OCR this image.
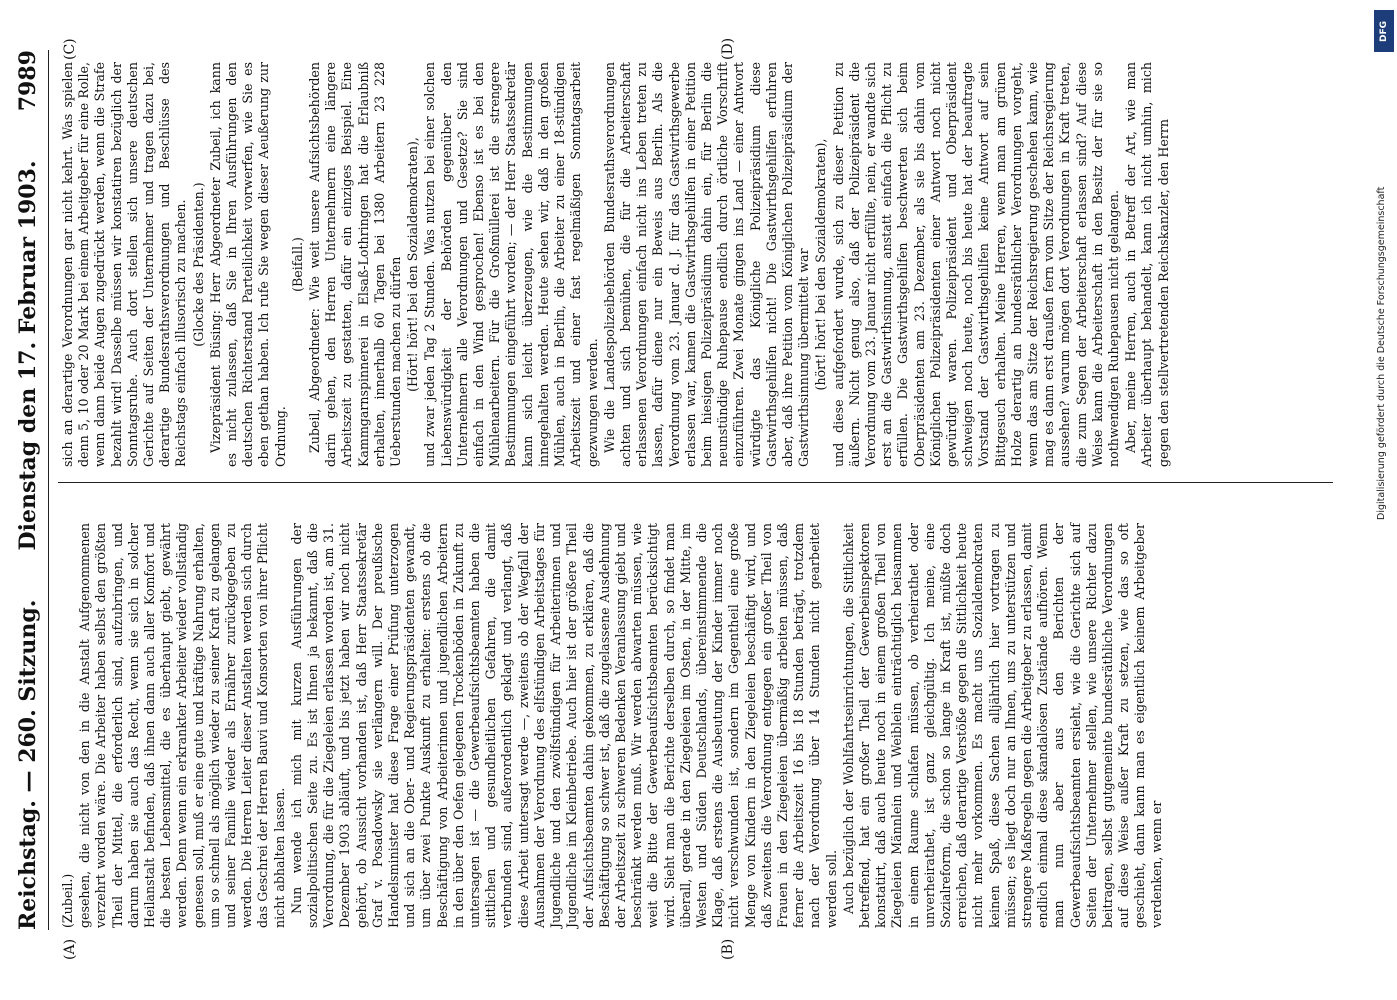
Reichstag. — 260. Sitzung.
Dienstag den 17. Februar 1903.
7989
(A)	(B)
(C)	(D)

(Zubeil.) gesehen, die nicht von den in die Anstalt Aufgenommenen verzehrt worden wäre. Die Arbeiter haben selbst den größten Theil der Mittel, die erforderlich sind, aufzubringen, und darum haben sie auch das Recht, wenn sie sich in solcher Heilanstalt befinden, daß ihnen dann auch aller Komfort und die besten Lebensmittel, die es überhaupt giebt, gewährt werden. Denn wenn ein erkrankter Arbeiter wieder vollständig genesen soll, muß er eine gute und kräftige Nahrung erhalten, um so schnell als möglich wieder zu seiner Kraft zu gelangen und seiner Familie wieder als Ernährer zurückgegeben zu werden. Die Herren Leiter dieser Anstalten werden sich durch das Geschrei der Herren Bauvi und Konsorten von ihrer Pflicht nicht abhalten lassen. Nun wende ich mich mit kurzen Ausführungen der sozialpolitischen Seite zu. Es ist Ihnen ja bekannt, daß die Verordnung, die für die Ziegeleien erlassen worden ist, am 31. Dezember 1903 abläuft, und bis jetzt haben wir noch nicht gehört, ob Aussicht vorhanden ist, daß Herr Staatssekretär Graf v. Posadowsky sie verlängern will. Der preußische Handelsminister hat diese Frage einer Prüfung unterzogen und sich an die Ober- und Regierungspräsidenten gewandt, um über zwei Punkte Auskunft zu erhalten: erstens ob die Beschäftigung von Arbeiterinnen und jugendlichen Arbeitern in den über den Oefen gelegenen Trockenböden in Zukunft zu untersagen ist — die Gewerbeaufsichtsbeamten haben die sittlichen und gesundheitlichen Gefahren, die damit verbunden sind, außerordentlich geklagt und verlangt, daß diese Arbeit untersagt werde —, zweitens ob der Wegfall der Ausnahmen der Verordnung des elfstündigen Arbeitstages für Jugendliche und den zwölfstündigen für Arbeiterinnen und Jugendliche im Kleinbetriebe. Auch hier ist der größere Theil der Aufsichtsbeamten dahin gekommen, zu erklären, daß die Beschäftigung so schwer ist, daß die zugelassene Ausdehnung der Arbeitszeit zu schweren Bedenken Veranlassung giebt und beschränkt werden muß. Wir werden abwarten müssen, wie weit die Bitte der Gewerbeaufsichtsbeamten berücksichtigt wird. Sieht man die Berichte derselben durch, so findet man überall, gerade in den Ziegeleien im Osten, in der Mitte, im Westen und Süden Deutschlands, übereinstimmende die Klage, daß erstens die Ausbeutung der Kinder immer noch nicht verschwunden ist, sondern im Gegentheil eine große Menge von Kindern in den Ziegeleien beschäftigt wird, und daß zweitens die Verordnung entgegen ein großer Theil von Frauen in den Ziegeleien übermäßig arbeiten müssen, daß ferner die Arbeitszeit 16 bis 18 Stunden beträgt, trotzdem nach der Verordnung über 14 Stunden nicht gearbeitet werden soll. Auch bezüglich der Wohlfahrtseinrichtungen, die Sittlichkeit betreffend, hat ein großer Theil der Gewerbeinspektoren konstatirt, daß auch heute noch in einem großen Theil von Ziegeleien Männlein und Weiblein einträchtiglich beisammen in einem Raume schlafen müssen, ob verheirathet oder unverheirathet, ist ganz gleichgültig. Ich meine, eine Sozialreform, die schon so lange in Kraft ist, müßte doch erreichen, daß derartige Verstöße gegen die Sittlichkeit heute nicht mehr vorkommen. Es macht uns Sozialdemokraten keinen Spaß, diese Sachen alljährlich hier vortragen zu müssen; es liegt doch nur an Ihnen, uns zu unterstützen und strengere Maßregeln gegen die Arbeitgeber zu erlassen, damit endlich einmal diese skandalösen Zustände aufhören. Wenn man nun aber aus den Berichten der Gewerbeaufsichtsbeamten ersieht, wie die Gerichte sich auf Seiten der Unternehmer stellen, wie unsere Richter dazu beitragen, selbst gutgemeinte bundesräthliche Verordnungen auf diese Weise außer Kraft zu setzen, wie das so oft geschieht, dann kann man es eigentlich keinem Arbeitgeber verdenken, wenn er

sich an derartige Verordnungen gar nicht kehrt. Was spielen denn 5, 10 oder 20 Mark bei einem Arbeitgeber für eine Rolle, wenn dann beide Augen zugedrückt werden, wenn die Strafe bezahlt wird! Dasselbe müssen wir konstatiren bezüglich der Sonntagsruhe. Auch dort stellen sich unsere deutschen Gerichte auf Seiten der Unternehmer und tragen dazu bei, derartige Bundesrathsverordnungen und Beschlüsse des Reichstags einfach illusorisch zu machen. (Glocke des Präsidenten.) Vizepräsident Büsing: Herr Abgeordneter Zubeil, ich kann es nicht zulassen, daß Sie in Ihren Ausführungen den deutschen Richterstand Parteilichkeit vorwerfen, wie Sie es eben gethan haben. Ich rufe Sie wegen dieser Aeußerung zur Ordnung.

(Beifall.) Zubeil, Abgeordneter: Wie weit unsere Aufsichtsbehörden darin gehen, den Herren Unternehmern eine längere Arbeitszeit zu gestatten, dafür ein einziges Beispiel. Eine Kammgarnspinnerei in Elsaß-Lothringen hat die Erlaubniß erhalten, innerhalb 60 Tagen bei 1380 Arbeitern 23 228 Ueberstunden machen zu dürfen (Hört! hört! bei den Sozialdemokraten), und zwar jeden Tag 2 Stunden. Was nutzen bei einer solchen Liebenswürdigkeit der Behörden gegenüber den Unternehmern alle Verordnungen und Gesetze? Sie sind einfach in den Wind gesprochen! Ebenso ist es bei den Mühlenarbeitern. Für die Großmüllerei ist die strengere Bestimmungen eingeführt worden; — der Herr Staatssekretär kann sich leicht überzeugen, wie die Bestimmungen innegehalten werden. Heute sehen wir, daß in den großen Mühlen, auch in Berlin, die Arbeiter zu einer 18-stündigen Arbeitszeit und einer fast regelmäßigen Sonntagsarbeit gezwungen werden. Wie die Landespolizeibehörden Bundesrathsverordnungen achten und sich bemühen, die für die Arbeiterschaft erlassenen Verordnungen einfach nicht ins Leben treten zu lassen, dafür diene nur ein Beweis aus Berlin. Als die Verordnung vom 23. Januar d. J. für das Gastwirthsgewerbe erlassen war, kamen die Gastwirthsgehilfen in einer Petition beim hiesigen Polizeipräsidium dahin ein, für Berlin die neunstündige Ruhepause endlich durch örtliche Vorschrift einzuführen. Zwei Monate gingen ins Land — einer Antwort würdigte das Königliche Polizeipräsidium diese Gastwirthsgehilfen nicht! Die Gastwirthsgehilfen erfuhren aber, daß ihre Petition vom Königlichen Polizeipräsidium der Gastwirthsinnung übermittelt war (hört! hört! bei den Sozialdemokraten), und diese aufgefordert wurde, sich zu dieser Petition zu äußern. Nicht genug also, daß der Polizeipräsident die Verordnung vom 23. Januar nicht erfüllte, nein, er wandte sich erst an die Gastwirthsinnung, anstatt einfach die Pflicht zu erfüllen. Die Gastwirthsgehilfen beschwerten sich beim Oberpräsidenten am 23. Dezember, als sie bis dahin vom Königlichen Polizeipräsidenten einer Antwort noch nicht gewürdigt waren. Polizeipräsident und Oberpräsident schweigen noch heute, noch bis heute hat der beauftragte Vorstand der Gastwirthsgehilfen keine Antwort auf sein Bittgesuch erhalten. Meine Herren, wenn man am grünen Holze derartig an bundesräthlicher Verordnungen vorgeht, wenn das am Sitze der Reichsregierung geschehen kann, wie mag es dann erst draußen fern vom Sitze der Reichsregierung aussehen? warum mögen dort Verordnungen in Kraft treten, die zum Segen der Arbeiterschaft erlassen sind? Auf diese Weise kann die Arbeiterschaft in den Besitz der für sie so nothwendigen Ruhepausen nicht gelangen. Aber, meine Herren, auch in Betreff der Art, wie man Arbeiter überhaupt behandelt, kann ich nicht umhin, mich gegen den stellvertretenden Reichskanzler, den Herrn

DFG
Digitalisierung gefördert durch die Deutsche Forschungsgemeinschaft
